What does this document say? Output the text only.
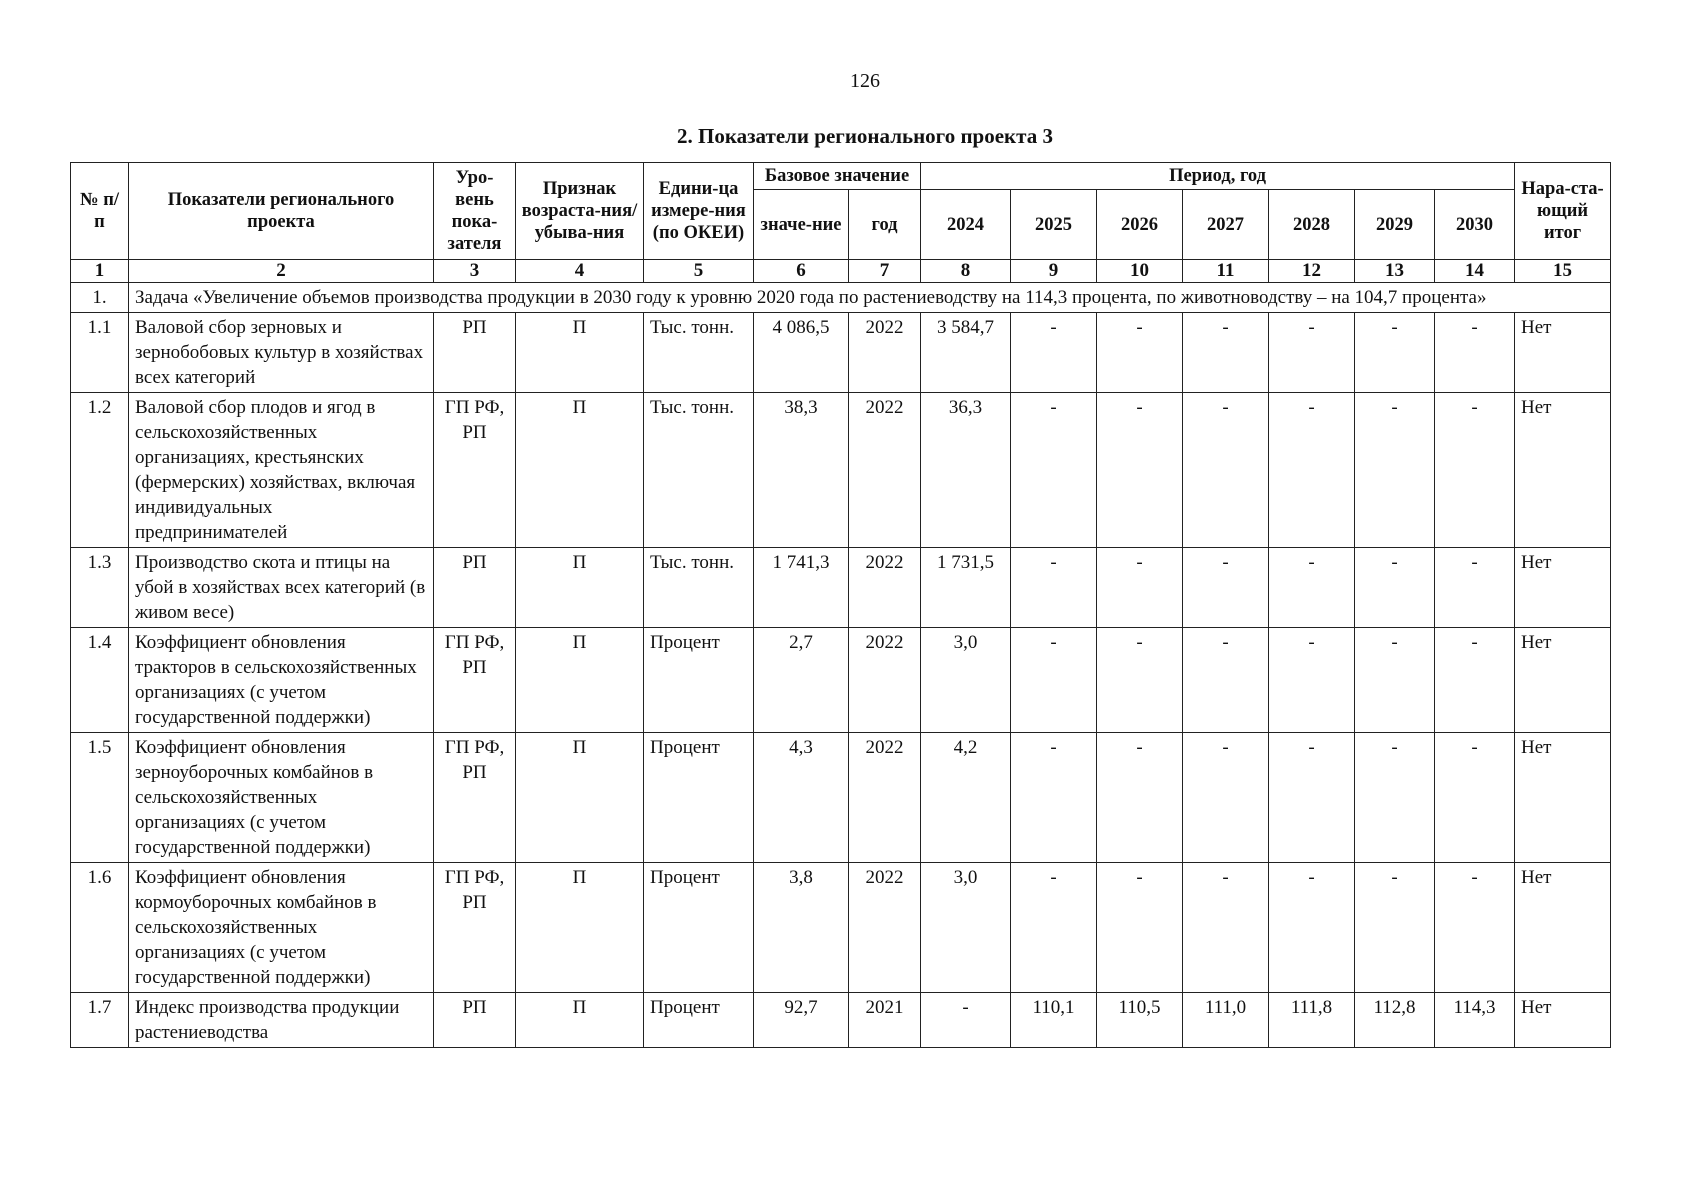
126
2. Показатели регионального проекта 3
№ п/п	Показатели регионального проекта	Уро-вень пока-зателя	Признак возраста-ния/ убыва-ния	Едини-ца измере-ния (по ОКЕИ)	Базовое значение		Период, год							Нара-ста-ющий итог
					значе-ние	год	2024	2025	2026	2027	2028	2029	2030	
1	2	3	4	5	6	7	8	9	10	11	12	13	14	15
1.	Задача «Увеличение объемов производства продукции в 2030 году к уровню 2020 года по растениеводству на 114,3 процента, по животноводству – на 104,7 процента»													
1.1	Валовой сбор зерновых и зернобобовых культур в хозяйствах всех категорий	РП	П	Тыс. тонн.	4 086,5	2022	3 584,7	-	-	-	-	-	-	Нет
1.2	Валовой сбор плодов и ягод в сельскохозяйственных организациях, крестьянских (фермерских) хозяйствах, включая индивидуальных предпринимателей	ГП РФ, РП	П	Тыс. тонн.	38,3	2022	36,3	-	-	-	-	-	-	Нет
1.3	Производство скота и птицы на убой в хозяйствах всех категорий (в живом весе)	РП	П	Тыс. тонн.	1 741,3	2022	1 731,5	-	-	-	-	-	-	Нет
1.4	Коэффициент обновления тракторов в сельскохозяйственных организациях (с учетом государственной поддержки)	ГП РФ, РП	П	Процент	2,7	2022	3,0	-	-	-	-	-	-	Нет
1.5	Коэффициент обновления зерноуборочных комбайнов в сельскохозяйственных организациях (с учетом государственной поддержки)	ГП РФ, РП	П	Процент	4,3	2022	4,2	-	-	-	-	-	-	Нет
1.6	Коэффициент обновления кормоуборочных комбайнов в сельскохозяйственных организациях (с учетом государственной поддержки)	ГП РФ, РП	П	Процент	3,8	2022	3,0	-	-	-	-	-	-	Нет
1.7	Индекс производства продукции растениеводства	РП	П	Процент	92,7	2021	-	110,1	110,5	111,0	111,8	112,8	114,3	Нет
